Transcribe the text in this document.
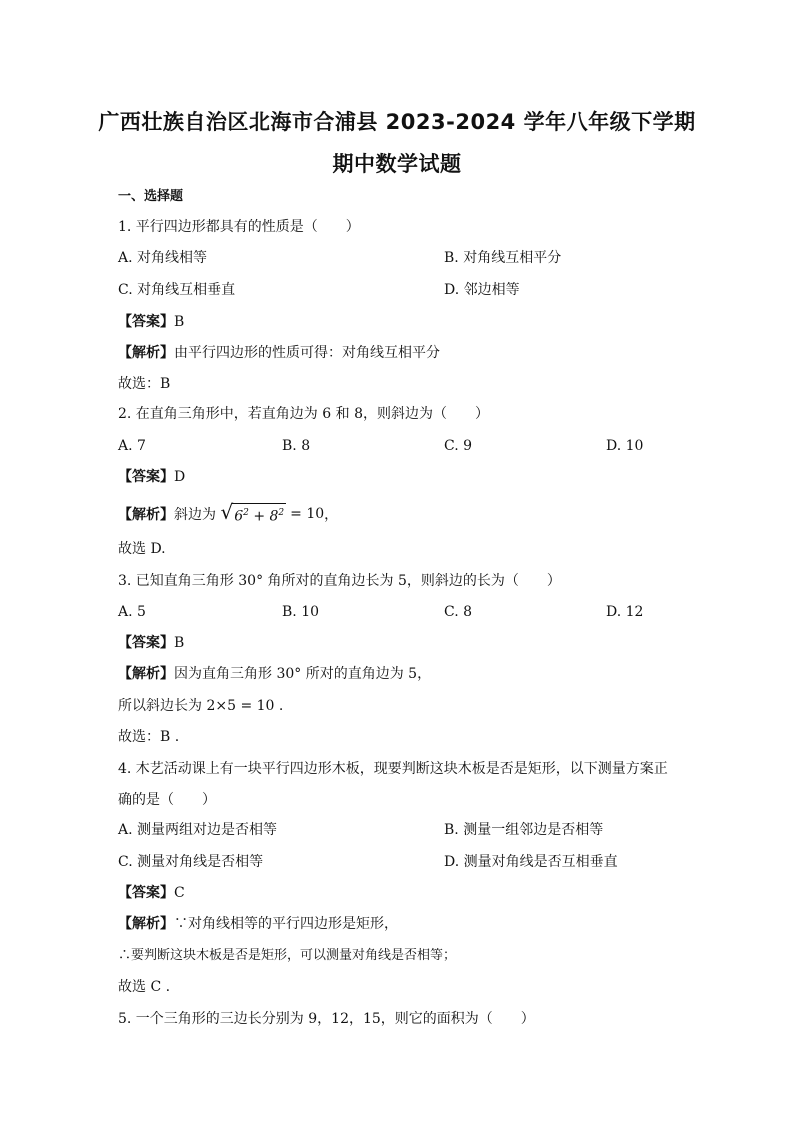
广西壮族自治区北海市合浦县 2023-2024 学年八年级下学期
期中数学试题
一、选择题
1. 平行四边形都具有的性质是（　　）
A. 对角线相等	B. 对角线互相平分
C. 对角线互相垂直	D. 邻边相等
【答案】B
【解析】由平行四边形的性质可得：对角线互相平分
故选：B
2. 在直角三角形中，若直角边为 6 和 8，则斜边为（　　）
A. 7	B. 8	C. 9	D. 10
【答案】D
【解析】斜边为 √ $6^2 + 8^2 = 10$ ，
故选 D.
3. 已知直角三角形 30° 角所对的直角边长为 5，则斜边的长为（　　）
A. 5	B. 10	C. 8	D. 12
【答案】B
【解析】因为直角三角形 30° 所对的直角边为 5，
所以斜边长为 2×5 = 10 .
故选：B .
4. 木艺活动课上有一块平行四边形木板，现要判断这块木板是否是矩形，以下测量方案正
确的是（　　）
A. 测量两组对边是否相等	B. 测量一组邻边是否相等
C. 测量对角线是否相等	D. 测量对角线是否互相垂直
【答案】C
【解析】∵对角线相等的平行四边形是矩形，
∴要判断这块木板是否是矩形，可以测量对角线是否相等；
故选 C .
5. 一个三角形的三边长分别为 9，12，15，则它的面积为（　　）
